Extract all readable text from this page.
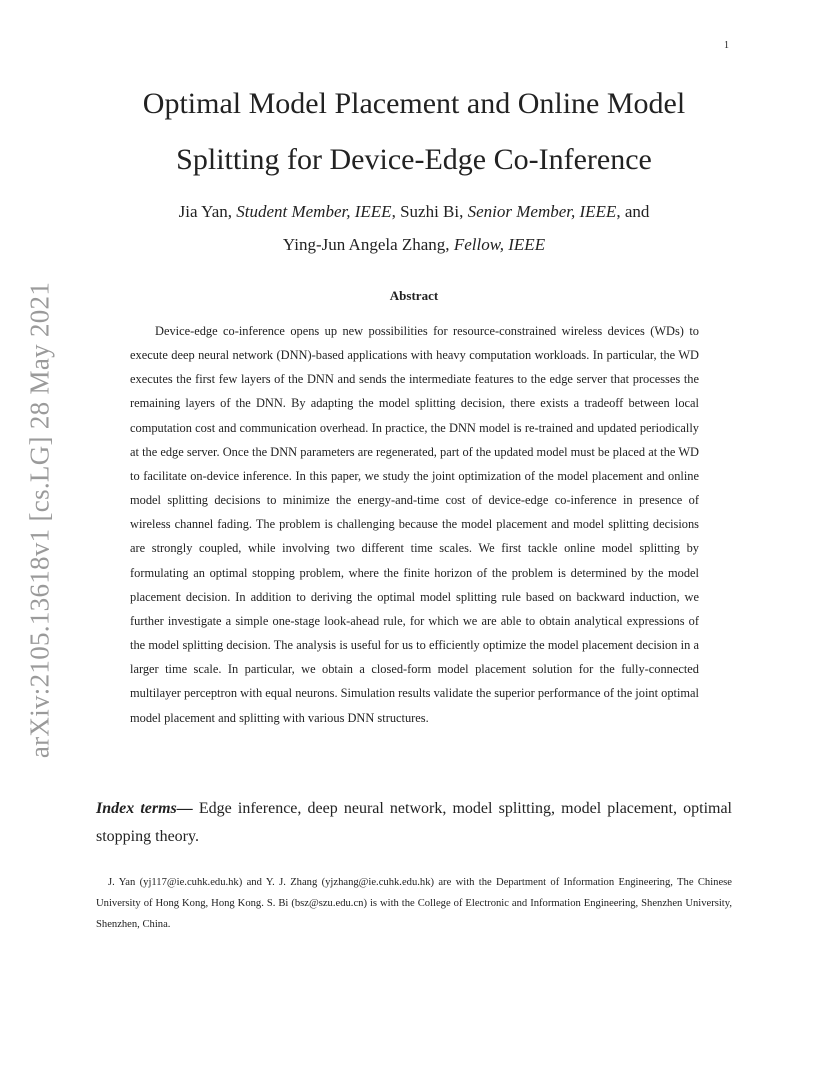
1
arXiv:2105.13618v1 [cs.LG] 28 May 2021
Optimal Model Placement and Online Model Splitting for Device-Edge Co-Inference
Jia Yan, Student Member, IEEE, Suzhi Bi, Senior Member, IEEE, and
Ying-Jun Angela Zhang, Fellow, IEEE
Abstract

Device-edge co-inference opens up new possibilities for resource-constrained wireless devices (WDs) to execute deep neural network (DNN)-based applications with heavy computation workloads. In particular, the WD executes the first few layers of the DNN and sends the intermediate features to the edge server that processes the remaining layers of the DNN. By adapting the model splitting decision, there exists a tradeoff between local computation cost and communication overhead. In practice, the DNN model is re-trained and updated periodically at the edge server. Once the DNN parameters are regenerated, part of the updated model must be placed at the WD to facilitate on-device inference. In this paper, we study the joint optimization of the model placement and online model splitting decisions to minimize the energy-and-time cost of device-edge co-inference in presence of wireless channel fading. The problem is challenging because the model placement and model splitting decisions are strongly coupled, while involving two different time scales. We first tackle online model splitting by formulating an optimal stopping problem, where the finite horizon of the problem is determined by the model placement decision. In addition to deriving the optimal model splitting rule based on backward induction, we further investigate a simple one-stage look-ahead rule, for which we are able to obtain analytical expressions of the model splitting decision. The analysis is useful for us to efficiently optimize the model placement decision in a larger time scale. In particular, we obtain a closed-form model placement solution for the fully-connected multilayer perceptron with equal neurons. Simulation results validate the superior performance of the joint optimal model placement and splitting with various DNN structures.

Index terms— Edge inference, deep neural network, model splitting, model placement, optimal stopping theory.

J. Yan (yj117@ie.cuhk.edu.hk) and Y. J. Zhang (yjzhang@ie.cuhk.edu.hk) are with the Department of Information Engineering, The Chinese University of Hong Kong, Hong Kong. S. Bi (bsz@szu.edu.cn) is with the College of Electronic and Information Engineering, Shenzhen University, Shenzhen, China.
